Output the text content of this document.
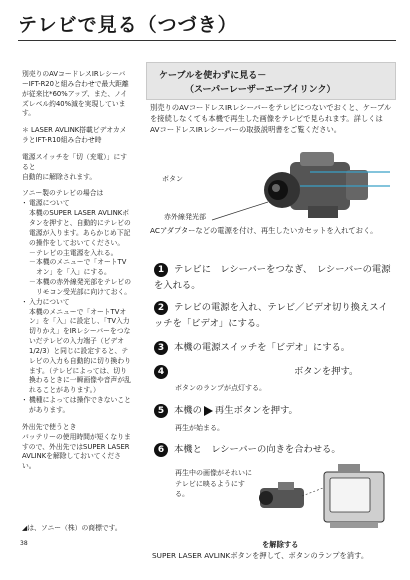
テレビで見る（つづき）

別売りのAVコードレスIRレシーバーIFT-R20と組み合わせで最大距離が従来比*60%アップ、また、ノイズレベル約40%減を実現しています。

＊ LASER AVLINK搭載ビデオカメラとIFT-R10組み合わせ時

電源スイッチを「切（充電）」にすると
自動的に解除されます。

ソニー製のテレビの場合は

・ 電源について
本機のSUPER LASER AVLINKボタンを押すと、自動的にテレビの電源が入ります。あらかじめ下記の操作をしておいてください。
－ テレビの主電源を入れる。
－ 本機のメニューで「オートTVオン」を「入」にする。
－ 本機の赤外線発光部をテレビのリモコン受光部に向けておく。
・ 入力について
本機のメニューで「オートTVオン」を「入」に設定し、「TV入力切りかえ」をIRレシーバーをつないだテレビの入力端子（ビデオ1/2/3）と同じに設定すると、テレビの入力も自動的に切り換わります。（テレビによっては、切り換わるときに一瞬画像や音声が乱れることがあります。）
・ 機種によっては操作できないことがあります。

外出先で使うとき
バッテリーの使用時間が短くなりますので、外出先ではSUPER LASER AVLINKを解除しておいてください。

◢は、ソニー（株）の商標です。
38
ケーブルを使わずに見る－
（スーパーレーザーエーブイリンク）
別売りのAVコードレスIRレシーバーをテレビにつないでおくと、ケーブルを接続しなくても本機で再生した画像をテレビで見られます。詳しくはAVコードレスIRレシーバーの取扱説明書をご覧ください。
ボタン
赤外線発光部
ACアダプターなどの電源を付け、再生したいカセットを入れておく。
1 テレビに　レシーバーをつなぎ、　レシーバーの電源を入れる。
2 テレビの電源を入れ、テレビ／ビデオ切り換えスイッチを「ビデオ」にする。
3 本機の電源スイッチを「ビデオ」にする。
4	ボタンを押す。
ボタンのランプが点灯する。
5 本機の 再生ボタンを押す。
再生が始まる。
6 本機と　レシーバーの向きを合わせる。
再生中の画像がそれいにテレビに映るようにする。
を解除する
SUPER LASER AVLINKボタンを押して、ボタンのランプを消す。
